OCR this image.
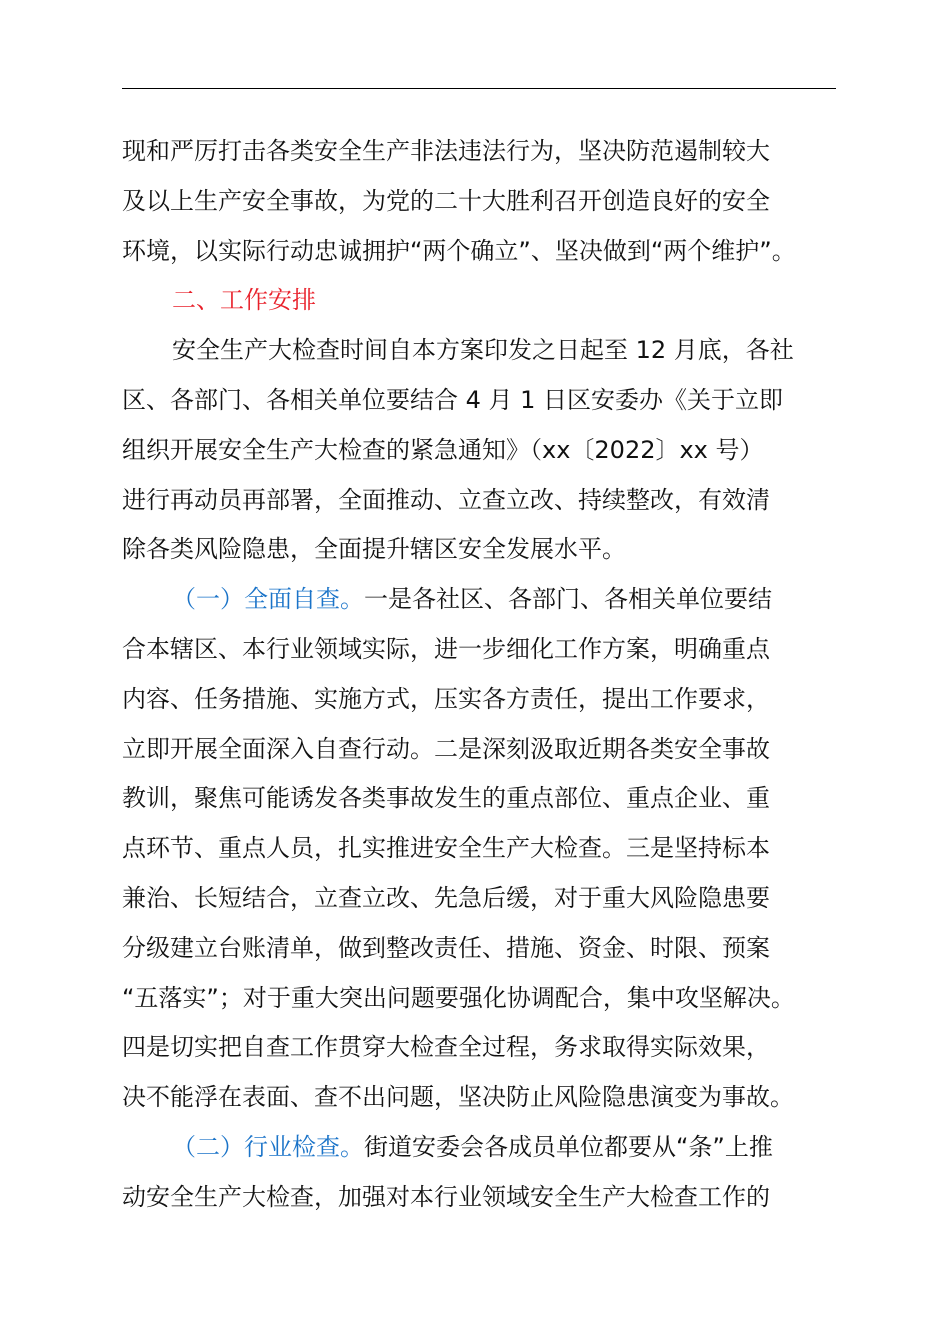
现和严厉打击各类安全生产非法违法行为，坚决防范遏制较大
及以上生产安全事故，为党的二十大胜利召开创造良好的安全
环境，以实际行动忠诚拥护“两个确立”、坚决做到“两个维护”。
二、工作安排
安全生产大检查时间自本方案印发之日起至 12 月底，各社
区、各部门、各相关单位要结合 4 月 1 日区安委办《关于立即
组织开展安全生产大检查的紧急通知》（xx〔2022〕xx 号）
进行再动员再部署，全面推动、立查立改、持续整改，有效清
除各类风险隐患，全面提升辖区安全发展水平。
（一）全面自查。一是各社区、各部门、各相关单位要结
合本辖区、本行业领域实际，进一步细化工作方案，明确重点
内容、任务措施、实施方式，压实各方责任，提出工作要求，
立即开展全面深入自查行动。二是深刻汲取近期各类安全事故
教训，聚焦可能诱发各类事故发生的重点部位、重点企业、重
点环节、重点人员，扎实推进安全生产大检查。三是坚持标本
兼治、长短结合，立查立改、先急后缓，对于重大风险隐患要
分级建立台账清单，做到整改责任、措施、资金、时限、预案
“五落实”；对于重大突出问题要强化协调配合，集中攻坚解决。
四是切实把自查工作贯穿大检查全过程，务求取得实际效果，
决不能浮在表面、查不出问题，坚决防止风险隐患演变为事故。
（二）行业检查。街道安委会各成员单位都要从“条”上推
动安全生产大检查，加强对本行业领域安全生产大检查工作的
